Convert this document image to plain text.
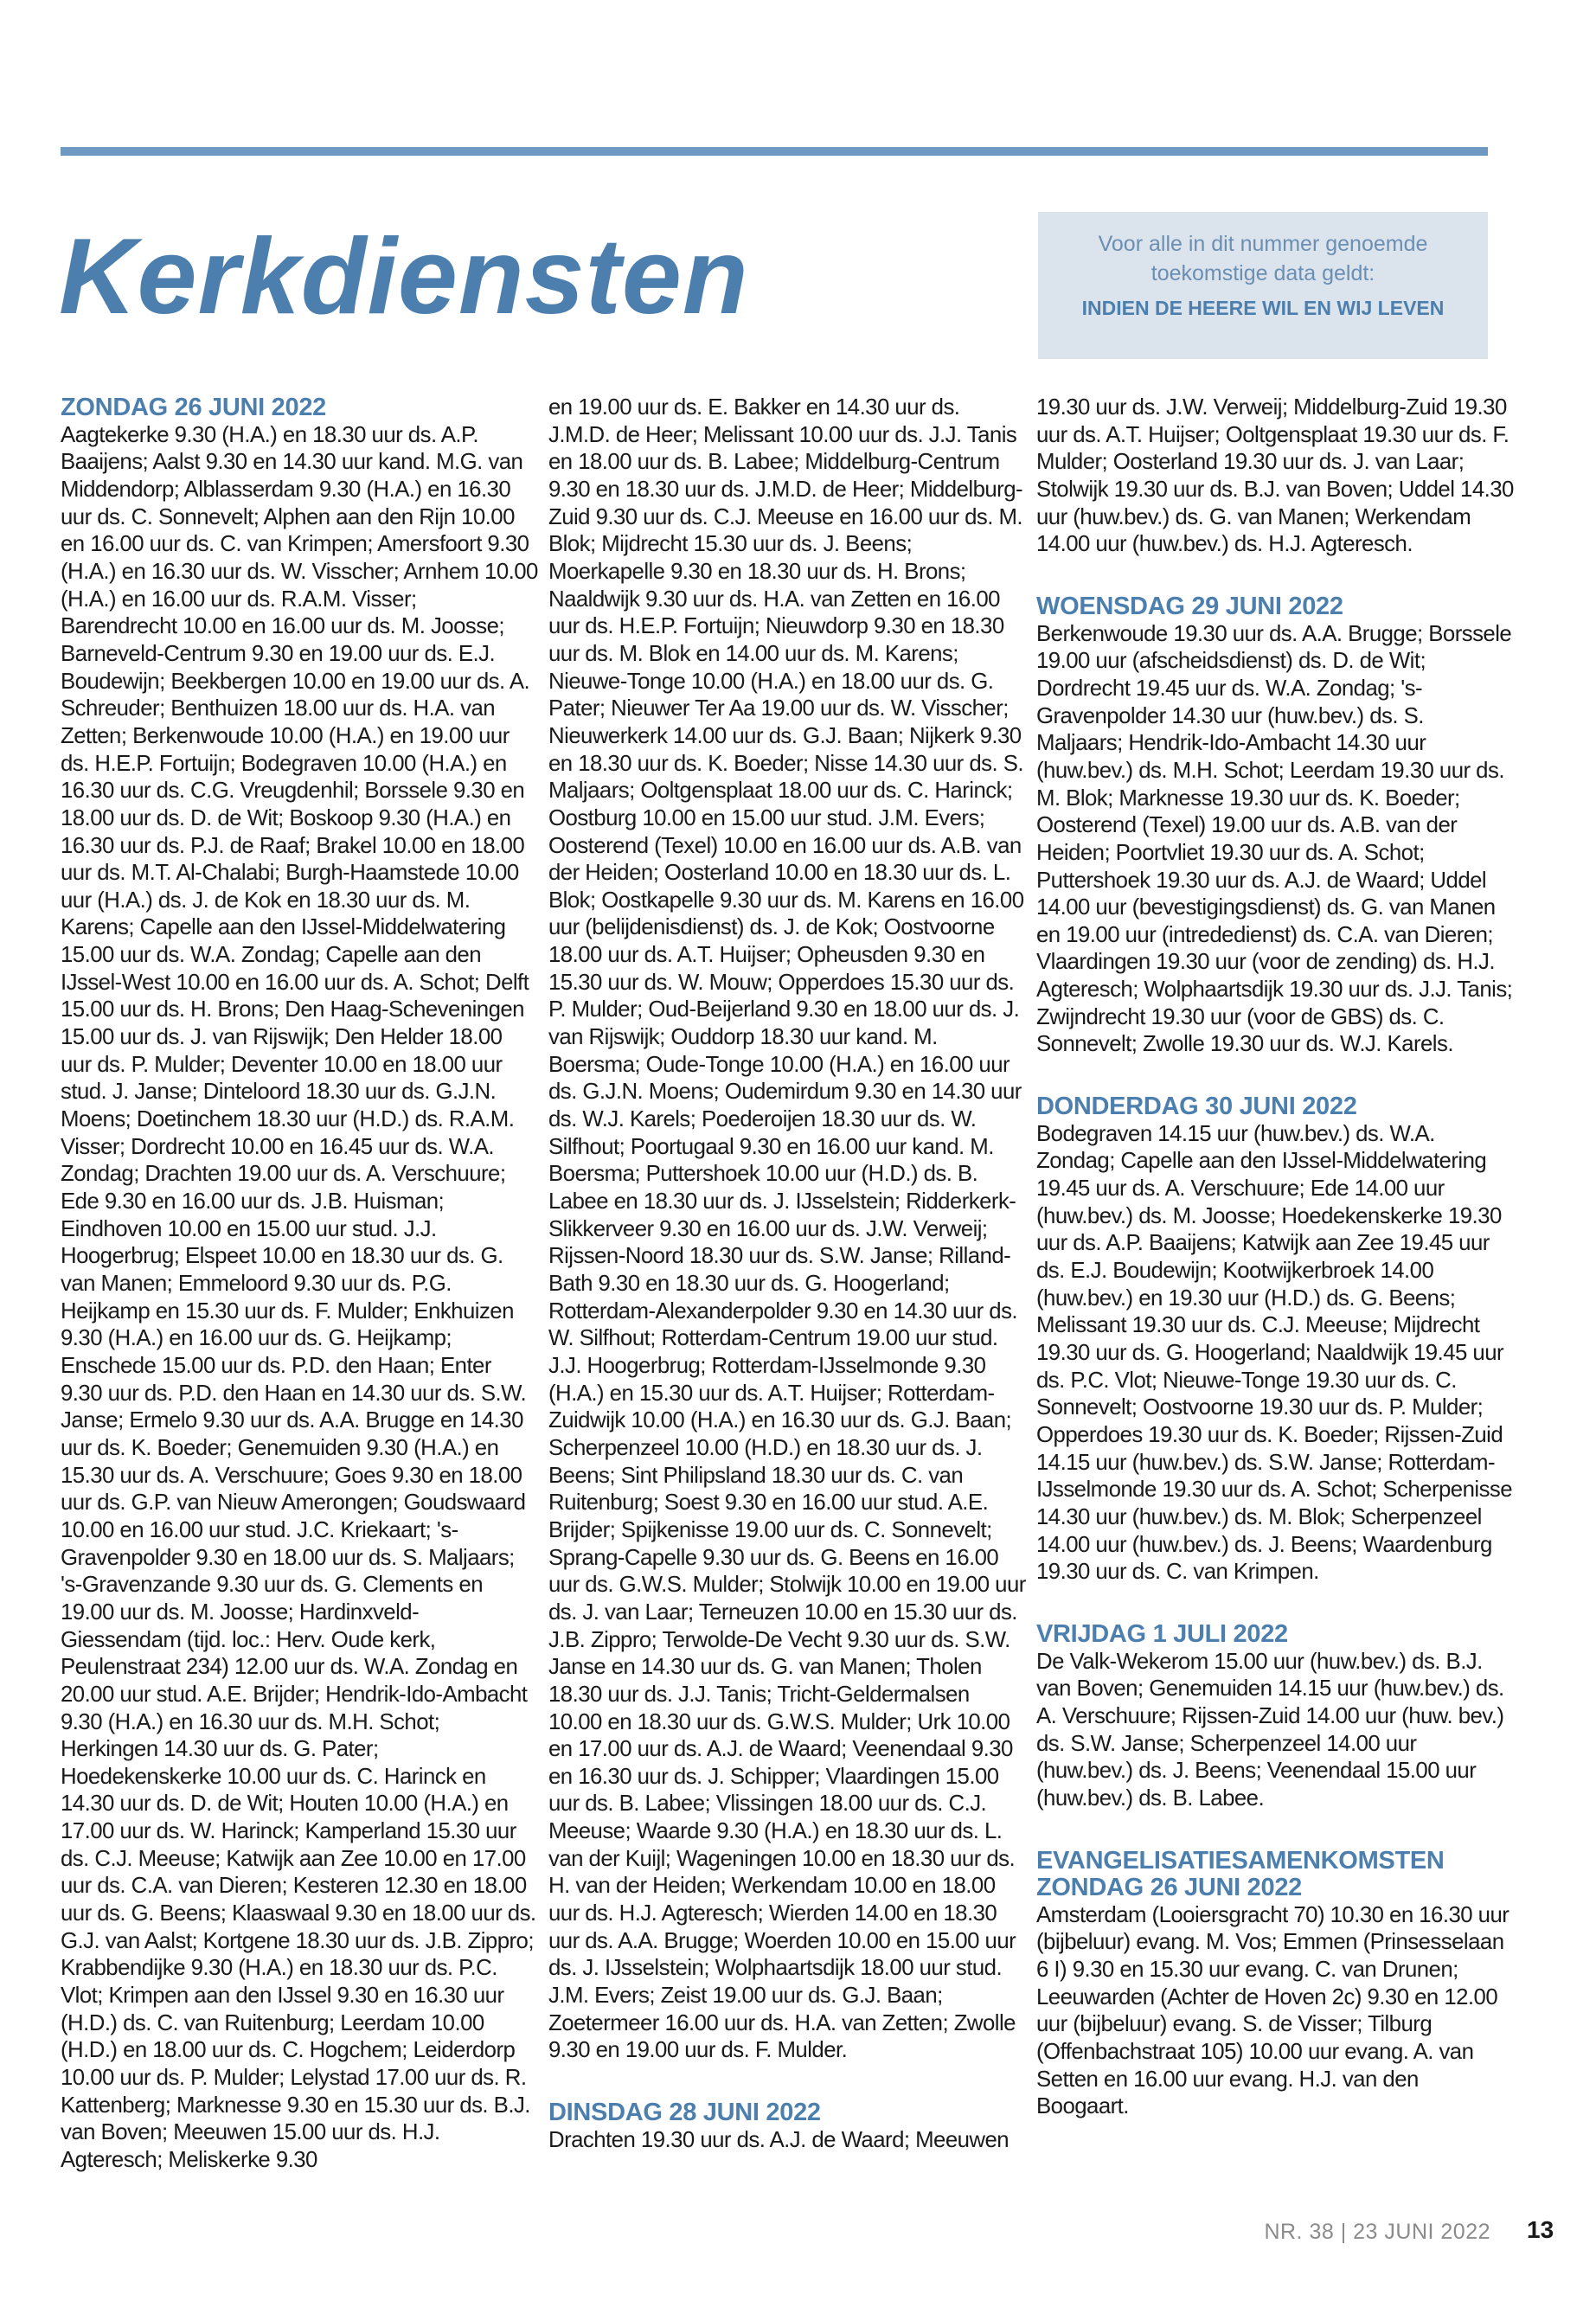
Kerkdiensten	Voor alle in dit nummer genoemde
toekomstige data geldt:
INDIEN DE HEERE WIL EN WIJ LEVEN
ZONDAG 26 JUNI 2022

Aagtekerke 9.30 (H.A.) en 18.30 uur ds. A.P. Baaijens; Aalst 9.30 en 14.30 uur kand. M.G. van Middendorp; Alblasserdam 9.30 (H.A.) en 16.30 uur ds. C. Sonnevelt; Alphen aan den Rijn 10.00 en 16.00 uur ds. C. van Krimpen; Amersfoort 9.30 (H.A.) en 16.30 uur ds. W. Visscher; Arnhem 10.00 (H.A.) en 16.00 uur ds. R.A.M. Visser; Barendrecht 10.00 en 16.00 uur ds. M. Joosse; Barneveld-Centrum 9.30 en 19.00 uur ds. E.J. Boudewijn; Beekbergen 10.00 en 19.00 uur ds. A. Schreuder; Benthuizen 18.00 uur ds. H.A. van Zetten; Berkenwoude 10.00 (H.A.) en 19.00 uur ds. H.E.P. Fortuijn; Bodegraven 10.00 (H.A.) en 16.30 uur ds. C.G. Vreugdenhil; Borssele 9.30 en 18.00 uur ds. D. de Wit; Boskoop 9.30 (H.A.) en 16.30 uur ds. P.J. de Raaf; Brakel 10.00 en 18.00 uur ds. M.T. Al-Chalabi; Burgh-Haamstede 10.00 uur (H.A.) ds. J. de Kok en 18.30 uur ds. M. Karens; Capelle aan den IJssel-Middelwatering 15.00 uur ds. W.A. Zondag; Capelle aan den IJssel-West 10.00 en 16.00 uur ds. A. Schot; Delft 15.00 uur ds. H. Brons; Den Haag-Scheveningen 15.00 uur ds. J. van Rijswijk; Den Helder 18.00 uur ds. P. Mulder; Deventer 10.00 en 18.00 uur stud. J. Janse; Dinteloord 18.30 uur ds. G.J.N. Moens; Doetinchem 18.30 uur (H.D.) ds. R.A.M. Visser; Dordrecht 10.00 en 16.45 uur ds. W.A. Zondag; Drachten 19.00 uur ds. A. Verschuure; Ede 9.30 en 16.00 uur ds. J.B. Huisman; Eindhoven 10.00 en 15.00 uur stud. J.J. Hoogerbrug; Elspeet 10.00 en 18.30 uur ds. G. van Manen; Emmeloord 9.30 uur ds. P.G. Heijkamp en 15.30 uur ds. F. Mulder; Enkhuizen 9.30 (H.A.) en 16.00 uur ds. G. Heijkamp; Enschede 15.00 uur ds. P.D. den Haan; Enter 9.30 uur ds. P.D. den Haan en 14.30 uur ds. S.W. Janse; Ermelo 9.30 uur ds. A.A. Brugge en 14.30 uur ds. K. Boeder; Genemuiden 9.30 (H.A.) en 15.30 uur ds. A. Verschuure; Goes 9.30 en 18.00 uur ds. G.P. van Nieuw Amerongen; Goudswaard 10.00 en 16.00 uur stud. J.C. Kriekaart; 's-Gravenpolder 9.30 en 18.00 uur ds. S. Maljaars; 's-Gravenzande 9.30 uur ds. G. Clements en 19.00 uur ds. M. Joosse; Hardinxveld-Giessendam (tijd. loc.: Herv. Oude kerk, Peulenstraat 234) 12.00 uur ds. W.A. Zondag en 20.00 uur stud. A.E. Brijder; Hendrik-Ido-Ambacht 9.30 (H.A.) en 16.30 uur ds. M.H. Schot; Herkingen 14.30 uur ds. G. Pater; Hoedekenskerke 10.00 uur ds. C. Harinck en 14.30 uur ds. D. de Wit; Houten 10.00 (H.A.) en 17.00 uur ds. W. Harinck; Kamperland 15.30 uur ds. C.J. Meeuse; Katwijk aan Zee 10.00 en 17.00 uur ds. C.A. van Dieren; Kesteren 12.30 en 18.00 uur ds. G. Beens; Klaaswaal 9.30 en 18.00 uur ds. G.J. van Aalst; Kortgene 18.30 uur ds. J.B. Zippro; Krabbendijke 9.30 (H.A.) en 18.30 uur ds. P.C. Vlot; Krimpen aan den IJssel 9.30 en 16.30 uur (H.D.) ds. C. van Ruitenburg; Leerdam 10.00 (H.D.) en 18.00 uur ds. C. Hogchem; Leiderdorp 10.00 uur ds. P. Mulder; Lelystad 17.00 uur ds. R. Kattenberg; Marknesse 9.30 en 15.30 uur ds. B.J. van Boven; Meeuwen 15.00 uur ds. H.J. Agteresch; Meliskerke 9.30

en 19.00 uur ds. E. Bakker en 14.30 uur ds. J.M.D. de Heer; Melissant 10.00 uur ds. J.J. Tanis en 18.00 uur ds. B. Labee; Middelburg-Centrum 9.30 en 18.30 uur ds. J.M.D. de Heer; Middelburg-Zuid 9.30 uur ds. C.J. Meeuse en 16.00 uur ds. M. Blok; Mijdrecht 15.30 uur ds. J. Beens; Moerkapelle 9.30 en 18.30 uur ds. H. Brons; Naaldwijk 9.30 uur ds. H.A. van Zetten en 16.00 uur ds. H.E.P. Fortuijn; Nieuwdorp 9.30 en 18.30 uur ds. M. Blok en 14.00 uur ds. M. Karens; Nieuwe-Tonge 10.00 (H.A.) en 18.00 uur ds. G. Pater; Nieuwer Ter Aa 19.00 uur ds. W. Visscher; Nieuwerkerk 14.00 uur ds. G.J. Baan; Nijkerk 9.30 en 18.30 uur ds. K. Boeder; Nisse 14.30 uur ds. S. Maljaars; Ooltgensplaat 18.00 uur ds. C. Harinck; Oostburg 10.00 en 15.00 uur stud. J.M. Evers; Oosterend (Texel) 10.00 en 16.00 uur ds. A.B. van der Heiden; Oosterland 10.00 en 18.30 uur ds. L. Blok; Oostkapelle 9.30 uur ds. M. Karens en 16.00 uur (belijdenisdienst) ds. J. de Kok; Oostvoorne 18.00 uur ds. A.T. Huijser; Opheusden 9.30 en 15.30 uur ds. W. Mouw; Opperdoes 15.30 uur ds. P. Mulder; Oud-Beijerland 9.30 en 18.00 uur ds. J. van Rijswijk; Ouddorp 18.30 uur kand. M. Boersma; Oude-Tonge 10.00 (H.A.) en 16.00 uur ds. G.J.N. Moens; Oudemirdum 9.30 en 14.30 uur ds. W.J. Karels; Poederoijen 18.30 uur ds. W. Silfhout; Poortugaal 9.30 en 16.00 uur kand. M. Boersma; Puttershoek 10.00 uur (H.D.) ds. B. Labee en 18.30 uur ds. J. IJsselstein; Ridderkerk-Slikkerveer 9.30 en 16.00 uur ds. J.W. Verweij; Rijssen-Noord 18.30 uur ds. S.W. Janse; Rilland-Bath 9.30 en 18.30 uur ds. G. Hoogerland; Rotterdam-Alexanderpolder 9.30 en 14.30 uur ds. W. Silfhout; Rotterdam-Centrum 19.00 uur stud. J.J. Hoogerbrug; Rotterdam-IJsselmonde 9.30 (H.A.) en 15.30 uur ds. A.T. Huijser; Rotterdam-Zuidwijk 10.00 (H.A.) en 16.30 uur ds. G.J. Baan; Scherpenzeel 10.00 (H.D.) en 18.30 uur ds. J. Beens; Sint Philipsland 18.30 uur ds. C. van Ruitenburg; Soest 9.30 en 16.00 uur stud. A.E. Brijder; Spijkenisse 19.00 uur ds. C. Sonnevelt; Sprang-Capelle 9.30 uur ds. G. Beens en 16.00 uur ds. G.W.S. Mulder; Stolwijk 10.00 en 19.00 uur ds. J. van Laar; Terneuzen 10.00 en 15.30 uur ds. J.B. Zippro; Terwolde-De Vecht 9.30 uur ds. S.W. Janse en 14.30 uur ds. G. van Manen; Tholen 18.30 uur ds. J.J. Tanis; Tricht-Geldermalsen 10.00 en 18.30 uur ds. G.W.S. Mulder; Urk 10.00 en 17.00 uur ds. A.J. de Waard; Veenendaal 9.30 en 16.30 uur ds. J. Schipper; Vlaardingen 15.00 uur ds. B. Labee; Vlissingen 18.00 uur ds. C.J. Meeuse; Waarde 9.30 (H.A.) en 18.30 uur ds. L. van der Kuijl; Wageningen 10.00 en 18.30 uur ds. H. van der Heiden; Werkendam 10.00 en 18.00 uur ds. H.J. Agteresch; Wierden 14.00 en 18.30 uur ds. A.A. Brugge; Woerden 10.00 en 15.00 uur ds. J. IJsselstein; Wolphaartsdijk 18.00 uur stud. J.M. Evers; Zeist 19.00 uur ds. G.J. Baan; Zoetermeer 16.00 uur ds. H.A. van Zetten; Zwolle 9.30 en 19.00 uur ds. F. Mulder.

DINSDAG 28 JUNI 2022

Drachten 19.30 uur ds. A.J. de Waard; Meeuwen

19.30 uur ds. J.W. Verweij; Middelburg-Zuid 19.30 uur ds. A.T. Huijser; Ooltgensplaat 19.30 uur ds. F. Mulder; Oosterland 19.30 uur ds. J. van Laar; Stolwijk 19.30 uur ds. B.J. van Boven; Uddel 14.30 uur (huw.bev.) ds. G. van Manen; Werkendam 14.00 uur (huw.bev.) ds. H.J. Agteresch.

WOENSDAG 29 JUNI 2022

Berkenwoude 19.30 uur ds. A.A. Brugge; Borssele 19.00 uur (afscheidsdienst) ds. D. de Wit; Dordrecht 19.45 uur ds. W.A. Zondag; 's-Gravenpolder 14.30 uur (huw.bev.) ds. S. Maljaars; Hendrik-Ido-Ambacht 14.30 uur (huw.bev.) ds. M.H. Schot; Leerdam 19.30 uur ds. M. Blok; Marknesse 19.30 uur ds. K. Boeder; Oosterend (Texel) 19.00 uur ds. A.B. van der Heiden; Poortvliet 19.30 uur ds. A. Schot; Puttershoek 19.30 uur ds. A.J. de Waard; Uddel 14.00 uur (bevestigingsdienst) ds. G. van Manen en 19.00 uur (intrededienst) ds. C.A. van Dieren; Vlaardingen 19.30 uur (voor de zending) ds. H.J. Agteresch; Wolphaartsdijk 19.30 uur ds. J.J. Tanis; Zwijndrecht 19.30 uur (voor de GBS) ds. C. Sonnevelt; Zwolle 19.30 uur ds. W.J. Karels.

DONDERDAG 30 JUNI 2022

Bodegraven 14.15 uur (huw.bev.) ds. W.A. Zondag; Capelle aan den IJssel-Middelwatering 19.45 uur ds. A. Verschuure; Ede 14.00 uur (huw.bev.) ds. M. Joosse; Hoedekenskerke 19.30 uur ds. A.P. Baaijens; Katwijk aan Zee 19.45 uur ds. E.J. Boudewijn; Kootwijkerbroek 14.00 (huw.bev.) en 19.30 uur (H.D.) ds. G. Beens; Melissant 19.30 uur ds. C.J. Meeuse; Mijdrecht 19.30 uur ds. G. Hoogerland; Naaldwijk 19.45 uur ds. P.C. Vlot; Nieuwe-Tonge 19.30 uur ds. C. Sonnevelt; Oostvoorne 19.30 uur ds. P. Mulder; Opperdoes 19.30 uur ds. K. Boeder; Rijssen-Zuid 14.15 uur (huw.bev.) ds. S.W. Janse; Rotterdam-IJsselmonde 19.30 uur ds. A. Schot; Scherpenisse 14.30 uur (huw.bev.) ds. M. Blok; Scherpenzeel 14.00 uur (huw.bev.) ds. J. Beens; Waardenburg 19.30 uur ds. C. van Krimpen.

VRIJDAG 1 JULI 2022

De Valk-Wekerom 15.00 uur (huw.bev.) ds. B.J. van Boven; Genemuiden 14.15 uur (huw.bev.) ds. A. Verschuure; Rijssen-Zuid 14.00 uur (huw. bev.) ds. S.W. Janse; Scherpenzeel 14.00 uur (huw.bev.) ds. J. Beens; Veenendaal 15.00 uur (huw.bev.) ds. B. Labee.

EVANGELISATIESAMENKOMSTEN
ZONDAG 26 JUNI 2022

Amsterdam (Looiersgracht 70) 10.30 en 16.30 uur (bijbeluur) evang. M. Vos; Emmen (Prinsesselaan 6 I) 9.30 en 15.30 uur evang. C. van Drunen; Leeuwarden (Achter de Hoven 2c) 9.30 en 12.00 uur (bijbeluur) evang. S. de Visser; Tilburg (Offenbachstraat 105) 10.00 uur evang. A. van Setten en 16.00 uur evang. H.J. van den Boogaart.

NR. 38 | 23 JUNI 2022 13
